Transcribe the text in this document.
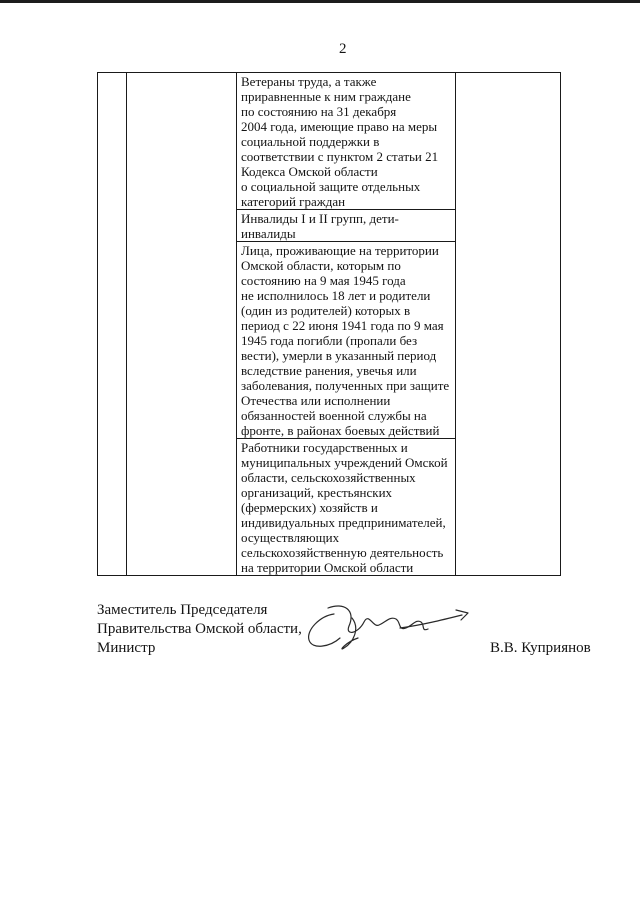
2

Ветераны труда, а также
приравненные к ним граждане
по состоянию на 31 декабря
2004 года, имеющие право на меры
социальной поддержки в
соответствии с пунктом 2 статьи 21
Кодекса Омской области
о социальной защите отдельных
категорий граждан

Инвалиды I и II групп, дети-
инвалиды

Лица, проживающие на территории
Омской области, которым по
состоянию на 9 мая 1945 года
не исполнилось 18 лет и родители
(один из родителей) которых в
период с 22 июня 1941 года по 9 мая
1945 года погибли (пропали без
вести), умерли в указанный период
вследствие ранения, увечья или
заболевания, полученных при защите
Отечества или исполнении
обязанностей военной службы на
фронте, в районах боевых действий

Работники государственных и
муниципальных учреждений Омской
области, сельскохозяйственных
организаций, крестьянских
(фермерских) хозяйств и
индивидуальных предпринимателей,
осуществляющих
сельскохозяйственную деятельность
на территории Омской области
Заместитель Председателя
Правительства Омской области,
Министр	В.В. Куприянов
